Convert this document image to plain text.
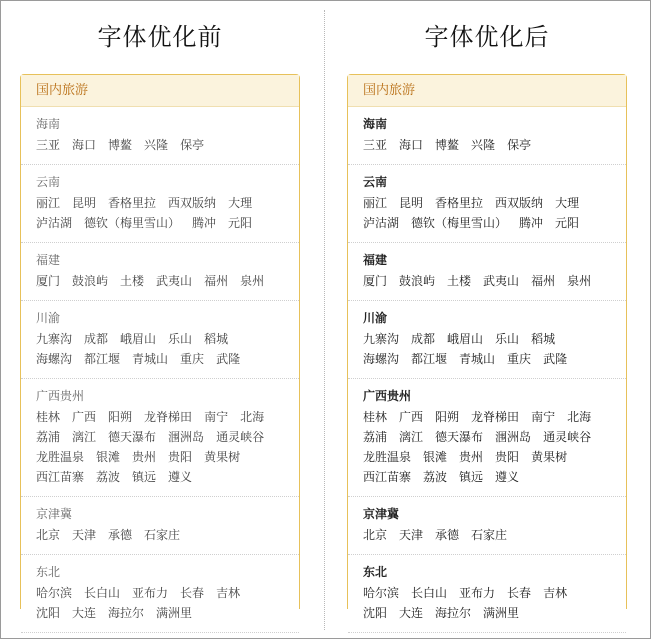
字体优化前
国内旅游
海南
三亚 海口 博鳌 兴隆 保亭
云南
丽江 昆明 香格里拉 西双版纳 大理泸沽湖 德钦（梅里雪山） 腾冲 元阳
福建
厦门 鼓浪屿 土楼 武夷山 福州 泉州
川渝
九寨沟 成都 峨眉山 乐山 稻城海螺沟 都江堰 青城山 重庆 武隆
广西贵州
桂林 广西 阳朔 龙脊梯田 南宁 北海荔浦 漓江 德天瀑布 涠洲岛 通灵峡谷龙胜温泉 银滩 贵州 贵阳 黄果树西江苗寨 荔波 镇远 遵义
京津冀
北京 天津 承德 石家庄
东北
哈尔滨 长白山 亚布力 长春 吉林沈阳 大连 海拉尔 满洲里
字体优化后
国内旅游
海南
三亚 海口 博鳌 兴隆 保亭
云南
丽江 昆明 香格里拉 西双版纳 大理泸沽湖 德钦（梅里雪山） 腾冲 元阳
福建
厦门 鼓浪屿 土楼 武夷山 福州 泉州
川渝
九寨沟 成都 峨眉山 乐山 稻城海螺沟 都江堰 青城山 重庆 武隆
广西贵州
桂林 广西 阳朔 龙脊梯田 南宁 北海荔浦 漓江 德天瀑布 涠洲岛 通灵峡谷龙胜温泉 银滩 贵州 贵阳 黄果树西江苗寨 荔波 镇远 遵义
京津冀
北京 天津 承德 石家庄
东北
哈尔滨 长白山 亚布力 长春 吉林沈阳 大连 海拉尔 满洲里
